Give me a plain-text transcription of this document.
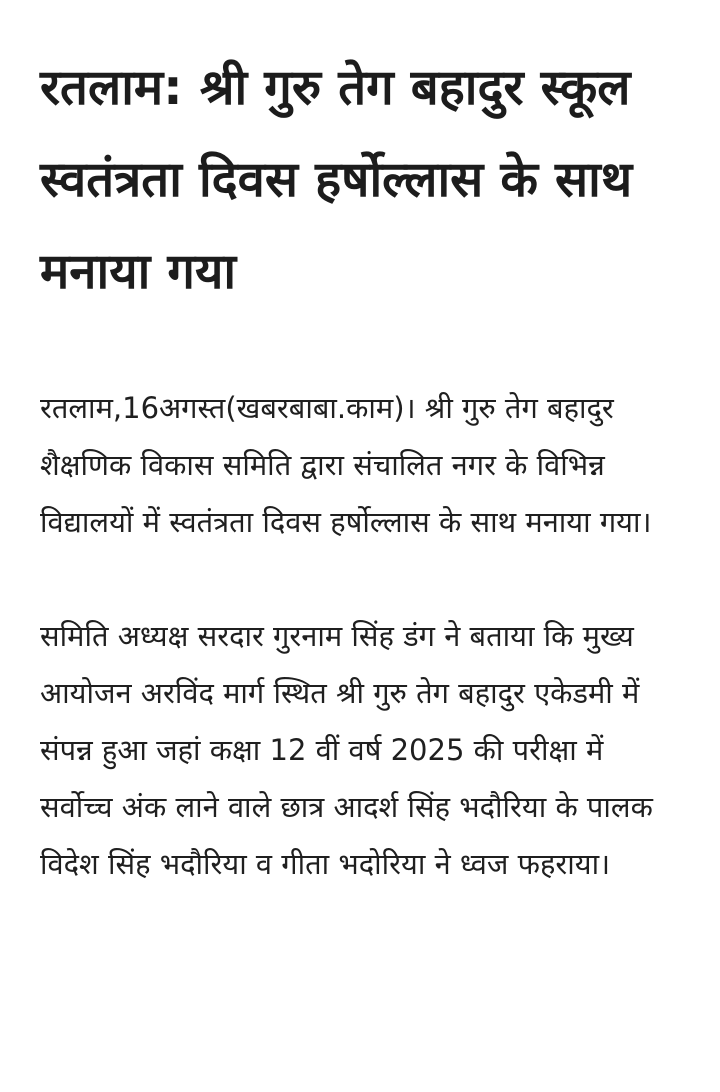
रतलाम: श्री गुरु तेग बहादुर स्कूल स्वतंत्रता दिवस हर्षोल्लास के साथ मनाया गया

रतलाम,16अगस्त(खबरबाबा.काम)। श्री गुरु तेग बहादुर शैक्षणिक विकास समिति द्वारा संचालित नगर के विभिन्न विद्यालयों में स्वतंत्रता दिवस हर्षोल्लास के साथ मनाया गया।

समिति अध्यक्ष सरदार गुरनाम सिंह डंग ने बताया कि मुख्य आयोजन अरविंद मार्ग स्थित श्री गुरु तेग बहादुर एकेडमी में संपन्न हुआ जहां कक्षा 12 वीं वर्ष 2025 की परीक्षा में सर्वोच्च अंक लाने वाले छात्र आदर्श सिंह भदौरिया के पालक विदेश सिंह भदौरिया व गीता भदोरिया ने ध्वज फहराया।
